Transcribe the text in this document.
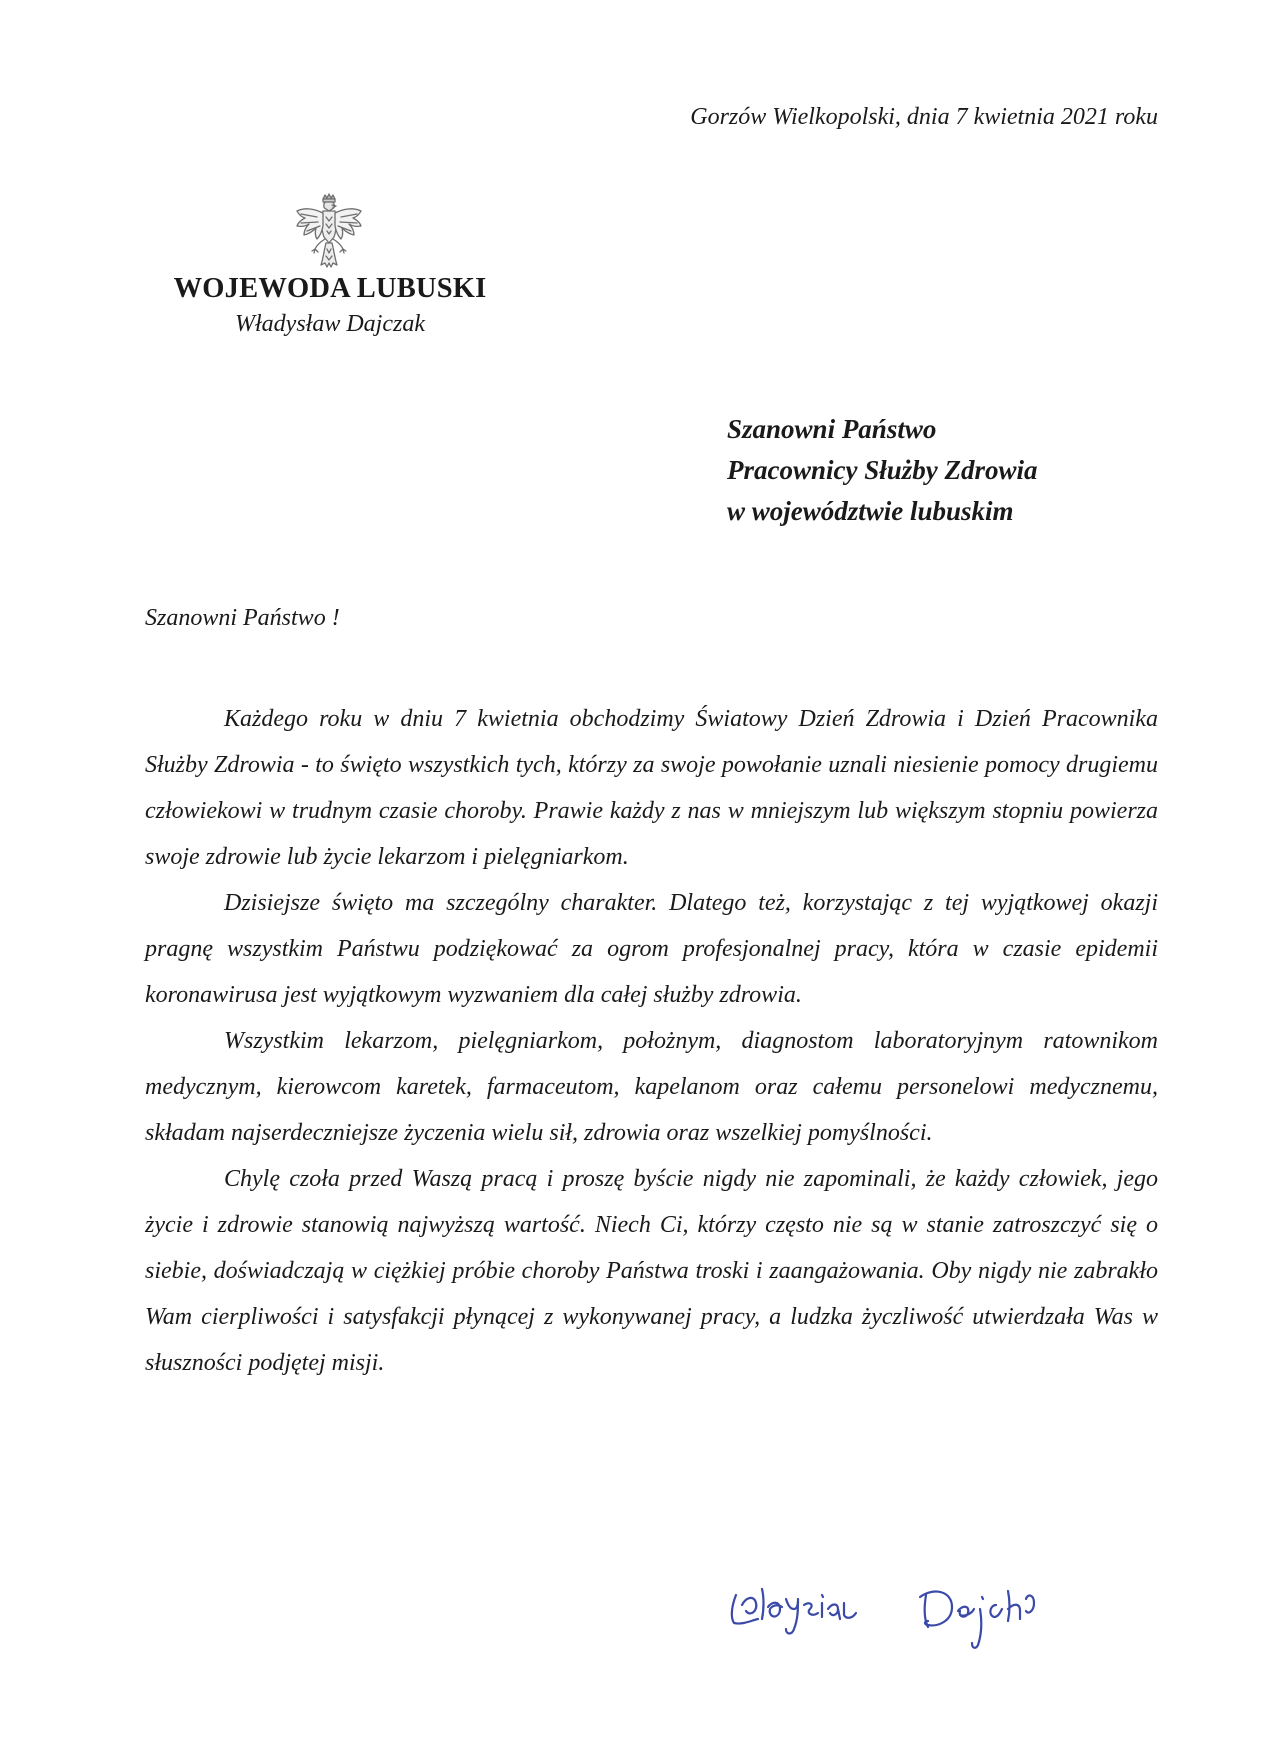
Gorzów Wielkopolski, dnia 7 kwietnia 2021 roku
WOJEWODA LUBUSKI
Władysław Dajczak
Szanowni Państwo
Pracownicy Służby Zdrowia
w województwie lubuskim
Szanowni Państwo !

Każdego roku w dniu 7 kwietnia obchodzimy Światowy Dzień Zdrowia i Dzień Pracownika Służby Zdrowia - to święto wszystkich tych, którzy za swoje powołanie uznali niesienie pomocy drugiemu człowiekowi w trudnym czasie choroby. Prawie każdy z nas w mniejszym lub większym stopniu powierza swoje zdrowie lub życie lekarzom i pielęgniarkom.

Dzisiejsze święto ma szczególny charakter. Dlatego też, korzystając z tej wyjątkowej okazji pragnę wszystkim Państwu podziękować za ogrom profesjonalnej pracy, która w czasie epidemii koronawirusa jest wyjątkowym wyzwaniem dla całej służby zdrowia.

Wszystkim lekarzom, pielęgniarkom, położnym, diagnostom laboratoryjnym ratownikom medycznym, kierowcom karetek, farmaceutom, kapelanom oraz całemu personelowi medycznemu, składam najserdeczniejsze życzenia wielu sił, zdrowia oraz wszelkiej pomyślności.

Chylę czoła przed Waszą pracą i proszę byście nigdy nie zapominali, że każdy człowiek, jego życie i zdrowie stanowią najwyższą wartość. Niech Ci, którzy często nie są w stanie zatroszczyć się o siebie, doświadczają w ciężkiej próbie choroby Państwa troski i zaangażowania. Oby nigdy nie zabrakło Wam cierpliwości i satysfakcji płynącej z wykonywanej pracy, a ludzka życzliwość utwierdzała Was w słuszności podjętej misji.
